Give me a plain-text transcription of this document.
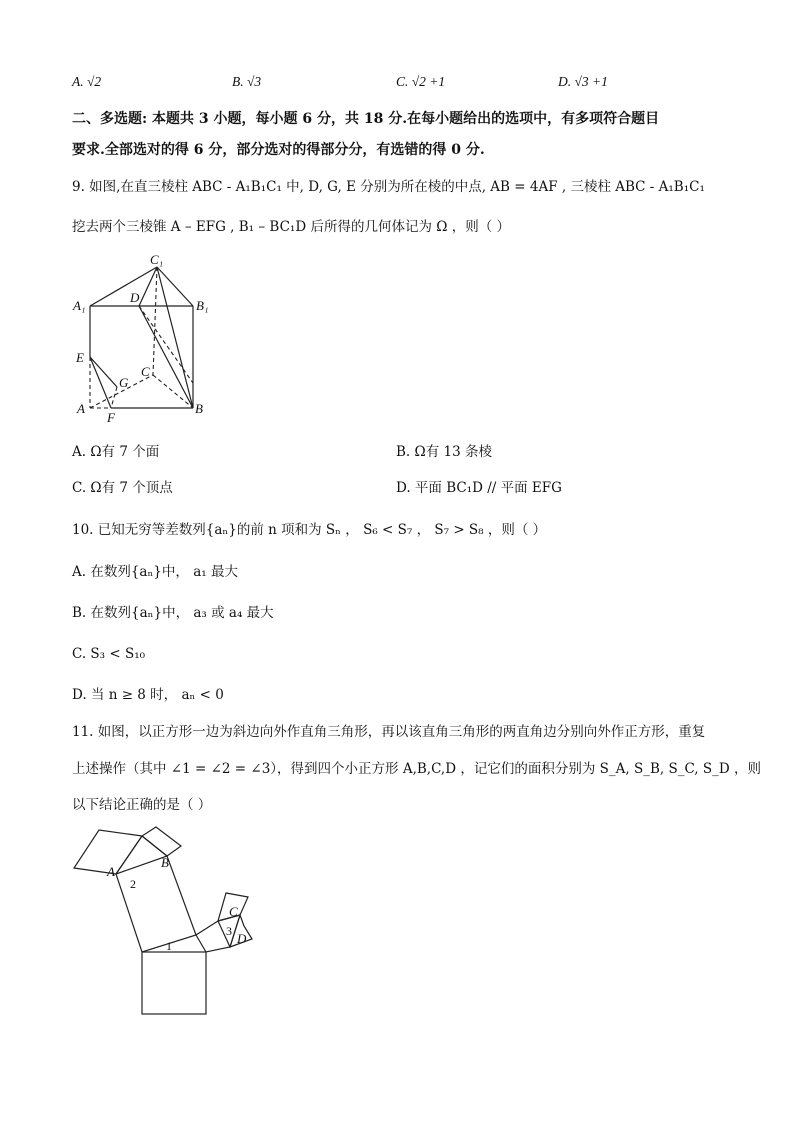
A. √2	B. √3	C. √2 +1	D. √3 +1
二、多选题: 本题共 3 小题，每小题 6 分，共 18 分.在每小题给出的选项中，有多项符合题目
要求.全部选对的得 6 分，部分选对的得部分分，有选错的得 0 分.
9. 如图,在直三棱柱 ABC - A₁B₁C₁ 中, D, G, E 分别为所在棱的中点, AB = 4AF , 三棱柱 ABC - A₁B₁C₁
挖去两个三棱锥 A – EFG , B₁ – BC₁D 后所得的几何体记为 Ω ，则（ ）
C₁
A₁
D
B₁
E
C
G
A
F
B
A. Ω有 7 个面	B. Ω有 13 条棱
C. Ω有 7 个顶点	D. 平面 BC₁D // 平面 EFG
10. 已知无穷等差数列{aₙ}的前 n 项和为 Sₙ ， S₆ < S₇ ， S₇ > S₈ ，则（ ）
A. 在数列{aₙ}中， a₁ 最大
B. 在数列{aₙ}中， a₃ 或 a₄ 最大
C. S₃ < S₁₀
D. 当 n ≥ 8 时， aₙ < 0
11. 如图，以正方形一边为斜边向外作直角三角形，再以该直角三角形的两直角边分别向外作正方形，重复
上述操作（其中 ∠1 = ∠2 = ∠3），得到四个小正方形 A,B,C,D ，记它们的面积分别为 S_A, S_B, S_C, S_D ，则
以下结论正确的是（ ）
A
B
C
D
1
2
3
